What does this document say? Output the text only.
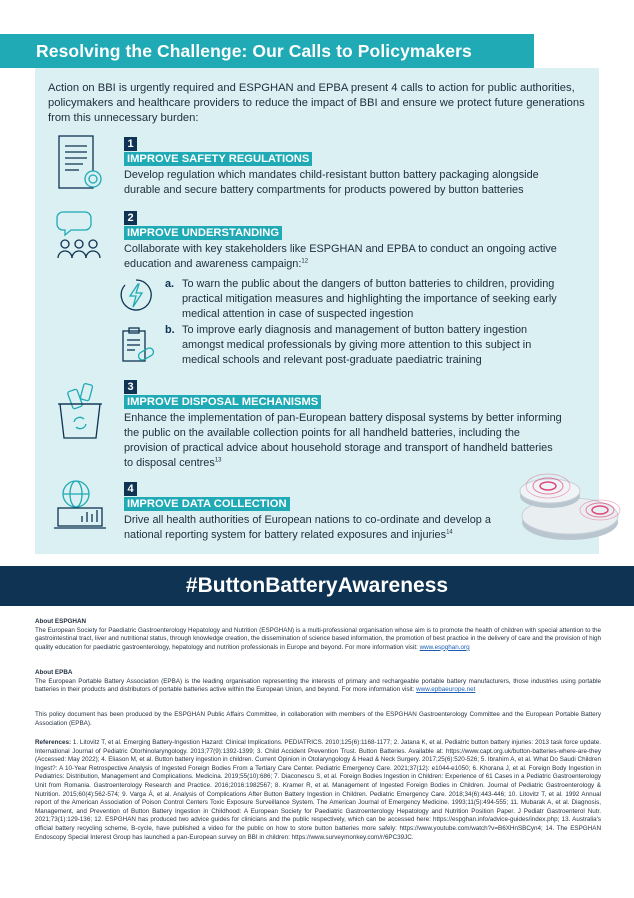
Resolving the Challenge: Our Calls to Policymakers

Action on BBI is urgently required and ESPGHAN and EPBA present 4 calls to action for public authorities, policymakers and healthcare providers to reduce the impact of BBI and ensure we protect future generations from this unnecessary burden:

1
IMPROVE SAFETY REGULATIONS

Develop regulation which mandates child-resistant button battery packaging alongside durable and secure battery compartments for products powered by button batteries

2
IMPROVE UNDERSTANDING

Collaborate with key stakeholders like ESPGHAN and EPBA to conduct an ongoing active education and awareness campaign:$^{12}$

a. To warn the public about the dangers of button batteries to children, providing practical mitigation measures and highlighting the importance of seeking early medical attention in case of suspected ingestion

b. To improve early diagnosis and management of button battery ingestion amongst medical professionals by giving more attention to this subject in medical schools and relevant post-graduate paediatric training

3
IMPROVE DISPOSAL MECHANISMS

Enhance the implementation of pan-European battery disposal systems by better informing the public on the available collection points for all handheld batteries, including the provision of practical advice about household storage and transport of handheld batteries to disposal centres$^{13}$

4
IMPROVE DATA COLLECTION

Drive all health authorities of European nations to co-ordinate and develop a national reporting system for battery related exposures and injuries$^{14}$

#ButtonBatteryAwareness
About ESPGHAN
The European Society for Paediatric Gastroenterology Hepatology and Nutrition (ESPGHAN) is a multi-professional organisation whose aim is to promote the health of children with special attention to the gastrointestinal tract, liver and nutritional status, through knowledge creation, the dissemination of science based information, the promotion of best practice in the delivery of care and the provision of high quality education for paediatric gastroenterology, hepatology and nutrition professionals in Europe and beyond. For more information visit: www.espghan.org
About EPBA
The European Portable Battery Association (EPBA) is the leading organisation representing the interests of primary and rechargeable portable battery manufacturers, those industries using portable batteries in their products and distributors of portable batteries active within the European Union, and beyond. For more information visit: www.epbaeurope.net
This policy document has been produced by the ESPGHAN Public Affairs Committee, in collaboration with members of the ESPGHAN Gastroenterology Committee and the European Portable Battery Association (EPBA).
References: 1. Litovitz T, et al. Emerging Battery-Ingestion Hazard: Clinical Implications. PEDIATRICS. 2010;125(6):1168-1177; 2. Jatana K, et al. Pediatric button battery injuries: 2013 task force update. International Journal of Pediatric Otorhinolaryngology. 2013;77(9):1392-1399; 3. Child Accident Prevention Trust. Button Batteries. Available at: https://www.capt.org.uk/button-batteries-where-are-they (Accessed: May 2022); 4. Eliason M, et al. Button battery ingestion in children. Current Opinion in Otolaryngology & Head & Neck Surgery. 2017;25(6):520-526; 5. Ibrahim A, et al. What Do Saudi Children Ingest?: A 10-Year Retrospective Analysis of Ingested Foreign Bodies From a Tertiary Care Center. Pediatric Emergency Care. 2021;37(12): e1044-e1050; 6. Khorana J, et al. Foreign Body Ingestion in Pediatrics: Distribution, Management and Complications. Medicina. 2019;55(10):686; 7. Diaconescu S, et al. Foreign Bodies Ingestion in Children: Experience of 61 Cases in a Pediatric Gastroenterology Unit from Romania. Gastroenterology Research and Practice. 2016;2016:1982567; 8. Kramer R, et al. Management of Ingested Foreign Bodies in Children. Journal of Pediatric Gastroenterology & Nutrition. 2015;60(4):562-574; 9. Varga Á, et al. Analysis of Complications After Button Battery Ingestion in Children. Pediatric Emergency Care. 2018;34(6):443-446; 10. Litovitz T, et al. 1992 Annual report of the American Association of Poison Control Centers Toxic Exposure Surveillance System. The American Journal of Emergency Medicine. 1993;11(5):494-555; 11. Mubarak A, et al. Diagnosis, Management, and Prevention of Button Battery Ingestion in Childhood: A European Society for Paediatric Gastroenterology Hepatology and Nutrition Position Paper. J Pediatr Gastroenterol Nutr. 2021;73(1):129-136; 12. ESPGHAN has produced two advice guides for clinicians and the public respectively, which can be accessed here: https://espghan.info/advice-guides/index.php; 13. Australia's official battery recycling scheme, B-cycle, have published a video for the public on how to store button batteries more safely: https://www.youtube.com/watch?v=B6XHnSBCyn4; 14. The ESPGHAN Endoscopy Special Interest Group has launched a pan-European survey on BBI in children: https://www.surveymonkey.com/r/6PC39JC.
